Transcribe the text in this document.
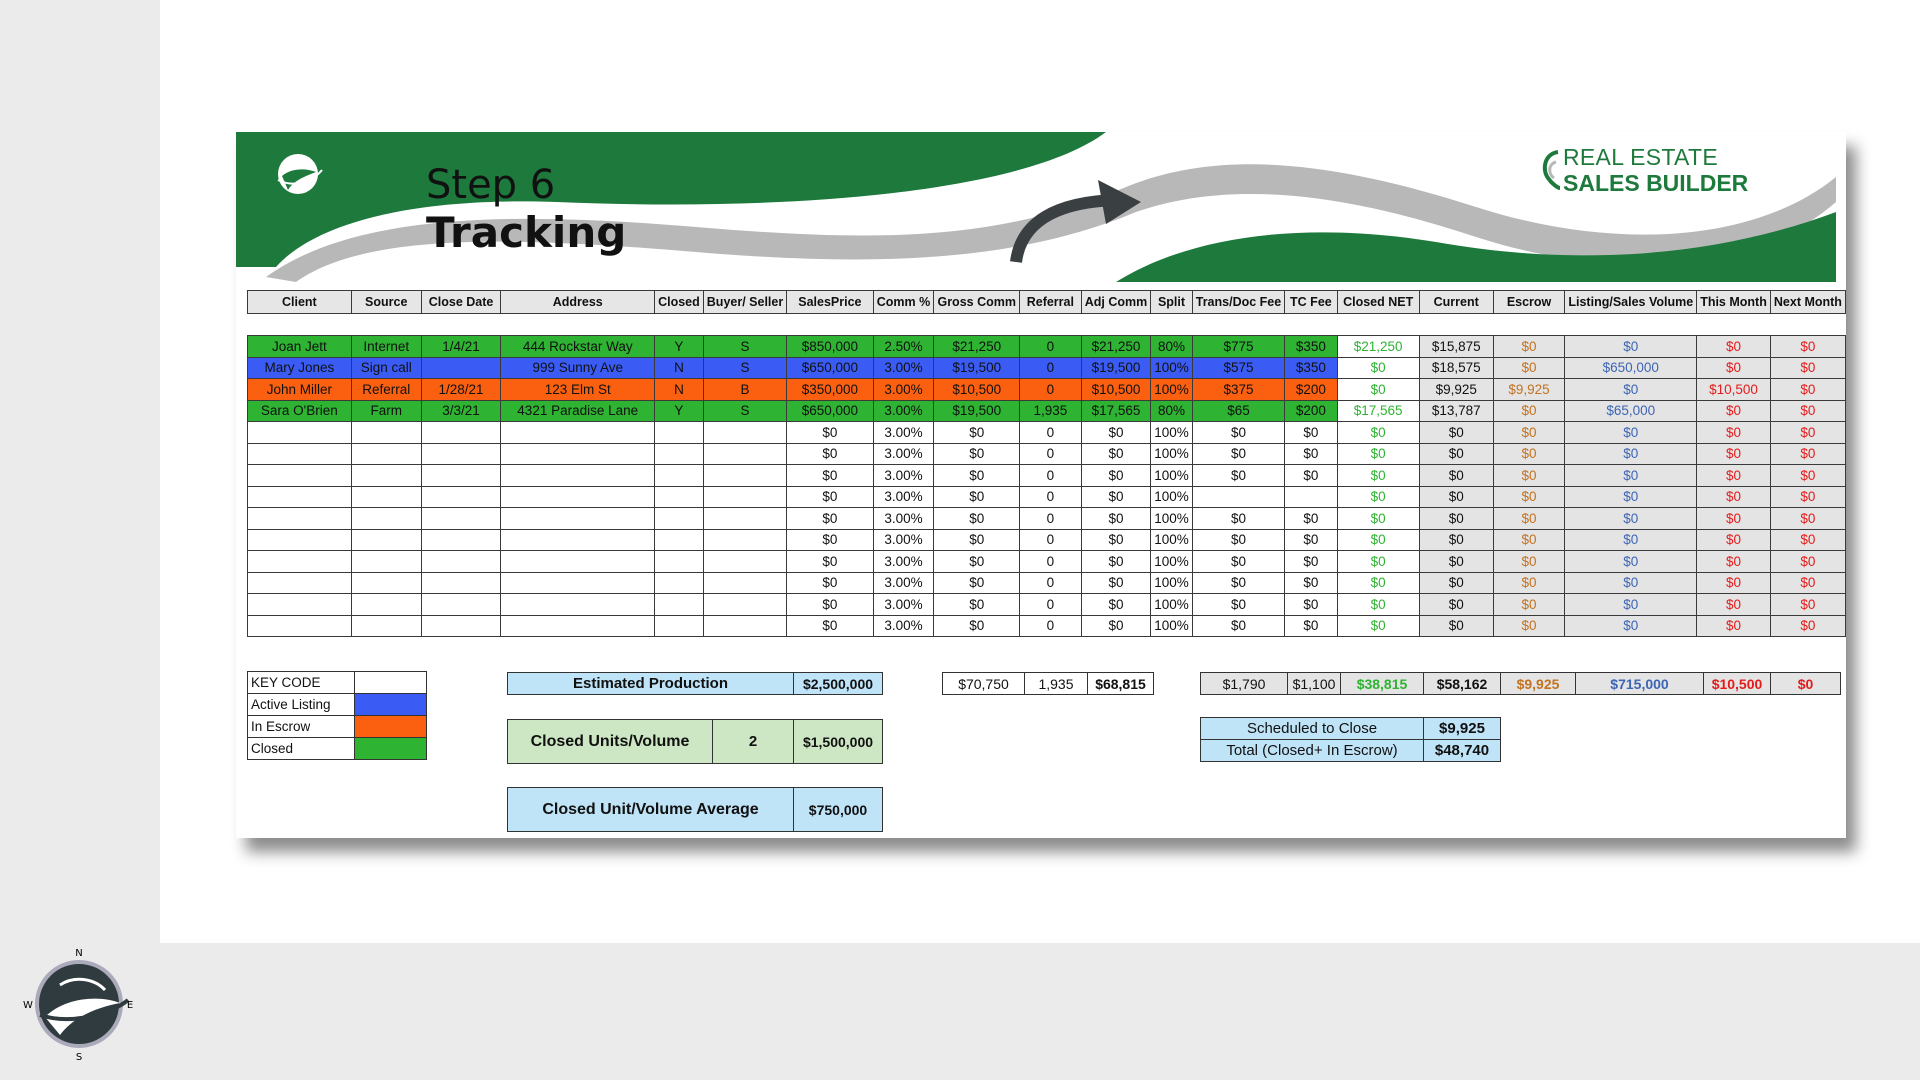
N
S
E
W
Step 6
Tracking
REAL ESTATE
SALES BUILDER
Client	Source	Close Date	Address	Closed	Buyer/ Seller	SalesPrice	Comm %	Gross Comm	Referral	Adj Comm	Split	Trans/Doc Fee	TC Fee	Closed NET	Current	Escrow	Listing/Sales Volume	This Month	Next Month

Joan Jett	Internet	1/4/21	444 Rockstar Way	Y	S	$850,000	2.50%	$21,250	0	$21,250	80%	$775	$350	$21,250	$15,875	$0	$0	$0	$0
Mary Jones	Sign call		999 Sunny Ave	N	S	$650,000	3.00%	$19,500	0	$19,500	100%	$575	$350	$0	$18,575	$0	$650,000	$0	$0
John Miller	Referral	1/28/21	123 Elm St	N	B	$350,000	3.00%	$10,500	0	$10,500	100%	$375	$200	$0	$9,925	$9,925	$0	$10,500	$0
Sara O'Brien	Farm	3/3/21	4321 Paradise Lane	Y	S	$650,000	3.00%	$19,500	1,935	$17,565	80%	$65	$200	$17,565	$13,787	$0	$65,000	$0	$0
						$0	3.00%	$0	0	$0	100%	$0	$0	$0	$0	$0	$0	$0	$0
						$0	3.00%	$0	0	$0	100%	$0	$0	$0	$0	$0	$0	$0	$0
						$0	3.00%	$0	0	$0	100%	$0	$0	$0	$0	$0	$0	$0	$0
						$0	3.00%	$0	0	$0	100%			$0	$0	$0	$0	$0	$0
						$0	3.00%	$0	0	$0	100%	$0	$0	$0	$0	$0	$0	$0	$0
						$0	3.00%	$0	0	$0	100%	$0	$0	$0	$0	$0	$0	$0	$0
						$0	3.00%	$0	0	$0	100%	$0	$0	$0	$0	$0	$0	$0	$0
						$0	3.00%	$0	0	$0	100%	$0	$0	$0	$0	$0	$0	$0	$0
						$0	3.00%	$0	0	$0	100%	$0	$0	$0	$0	$0	$0	$0	$0
						$0	3.00%	$0	0	$0	100%	$0	$0	$0	$0	$0	$0	$0	$0
KEY CODE	
Active Listing	
In Escrow	
Closed	
Estimated Production	$2,500,000
Closed Units/Volume	2	$1,500,000
Closed Unit/Volume Average	$750,000
$70,750	1,935	$68,815	$1,790	$1,100	$38,815	$58,162	$9,925	$715,000	$10,500	$0
Scheduled to Close	$9,925
Total (Closed+ In Escrow)	$48,740
